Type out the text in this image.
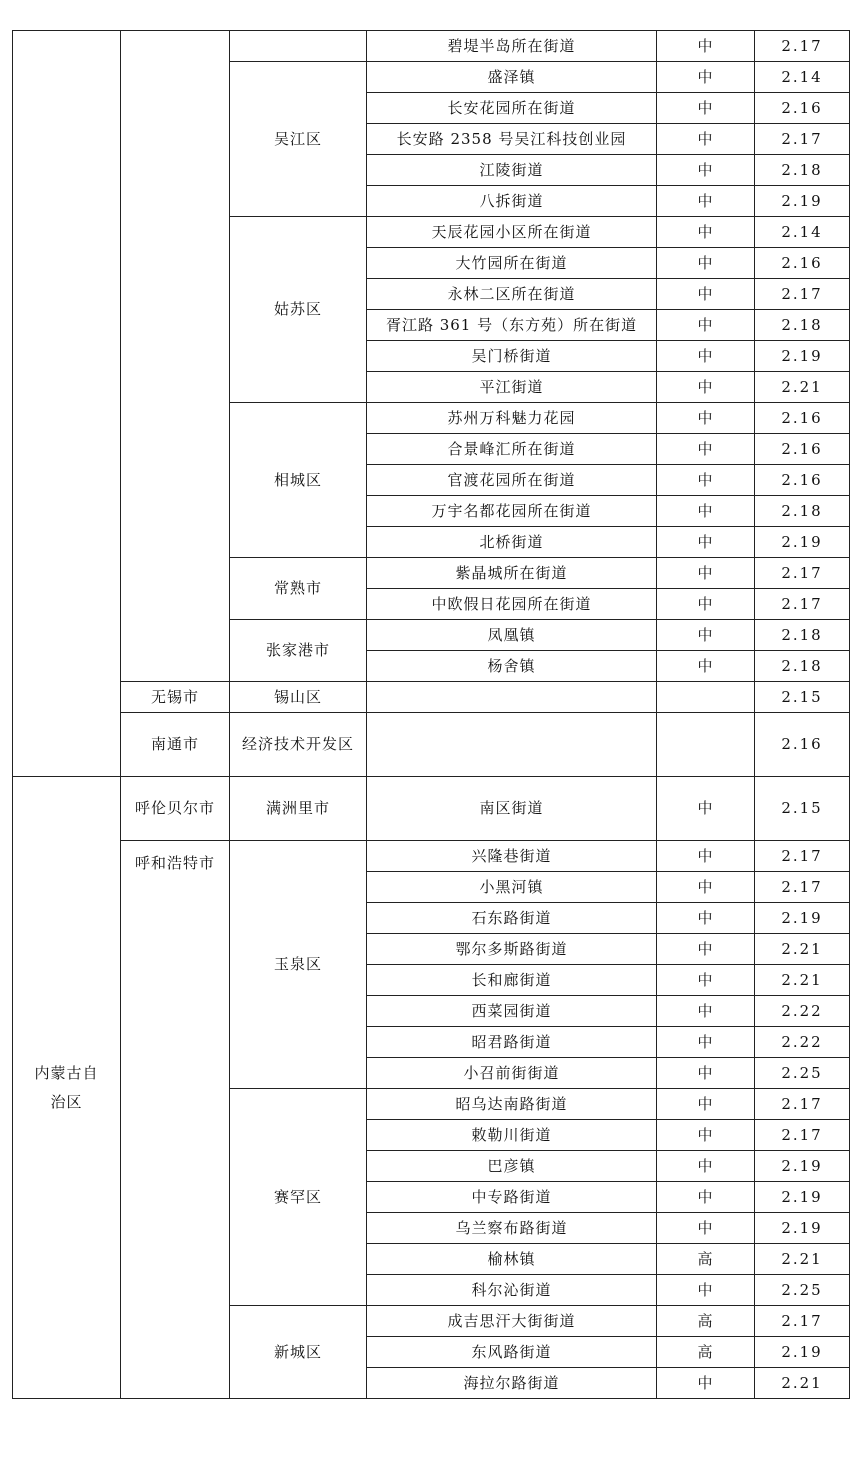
			碧堤半岛所在街道	中	2.17
		吴江区	盛泽镇	中	2.14
			长安花园所在街道	中	2.16
			长安路 2358 号吴江科技创业园	中	2.17
			江陵街道	中	2.18
			八拆街道	中	2.19
		姑苏区	天辰花园小区所在街道	中	2.14
			大竹园所在街道	中	2.16
			永林二区所在街道	中	2.17
			胥江路 361 号（东方苑）所在街道	中	2.18
			吴门桥街道	中	2.19
			平江街道	中	2.21
		相城区	苏州万科魅力花园	中	2.16
			合景峰汇所在街道	中	2.16
			官渡花园所在街道	中	2.16
			万宇名都花园所在街道	中	2.18
			北桥街道	中	2.19
		常熟市	紫晶城所在街道	中	2.17
			中欧假日花园所在街道	中	2.17
		张家港市	凤凰镇	中	2.18
			杨舍镇	中	2.18
	无锡市	锡山区			2.15
	南通市	经济技术开发区			2.16
内蒙古自治区	呼伦贝尔市	满洲里市	南区街道	中	2.15
	呼和浩特市	玉泉区	兴隆巷街道	中	2.17
			小黑河镇	中	2.17
			石东路街道	中	2.19
			鄂尔多斯路街道	中	2.21
			长和廊街道	中	2.21
			西菜园街道	中	2.22
			昭君路街道	中	2.22
			小召前街街道	中	2.25
		赛罕区	昭乌达南路街道	中	2.17
			敕勒川街道	中	2.17
			巴彦镇	中	2.19
			中专路街道	中	2.19
			乌兰察布路街道	中	2.19
			榆林镇	高	2.21
			科尔沁街道	中	2.25
		新城区	成吉思汗大街街道	高	2.17
			东风路街道	高	2.19
			海拉尔路街道	中	2.21
